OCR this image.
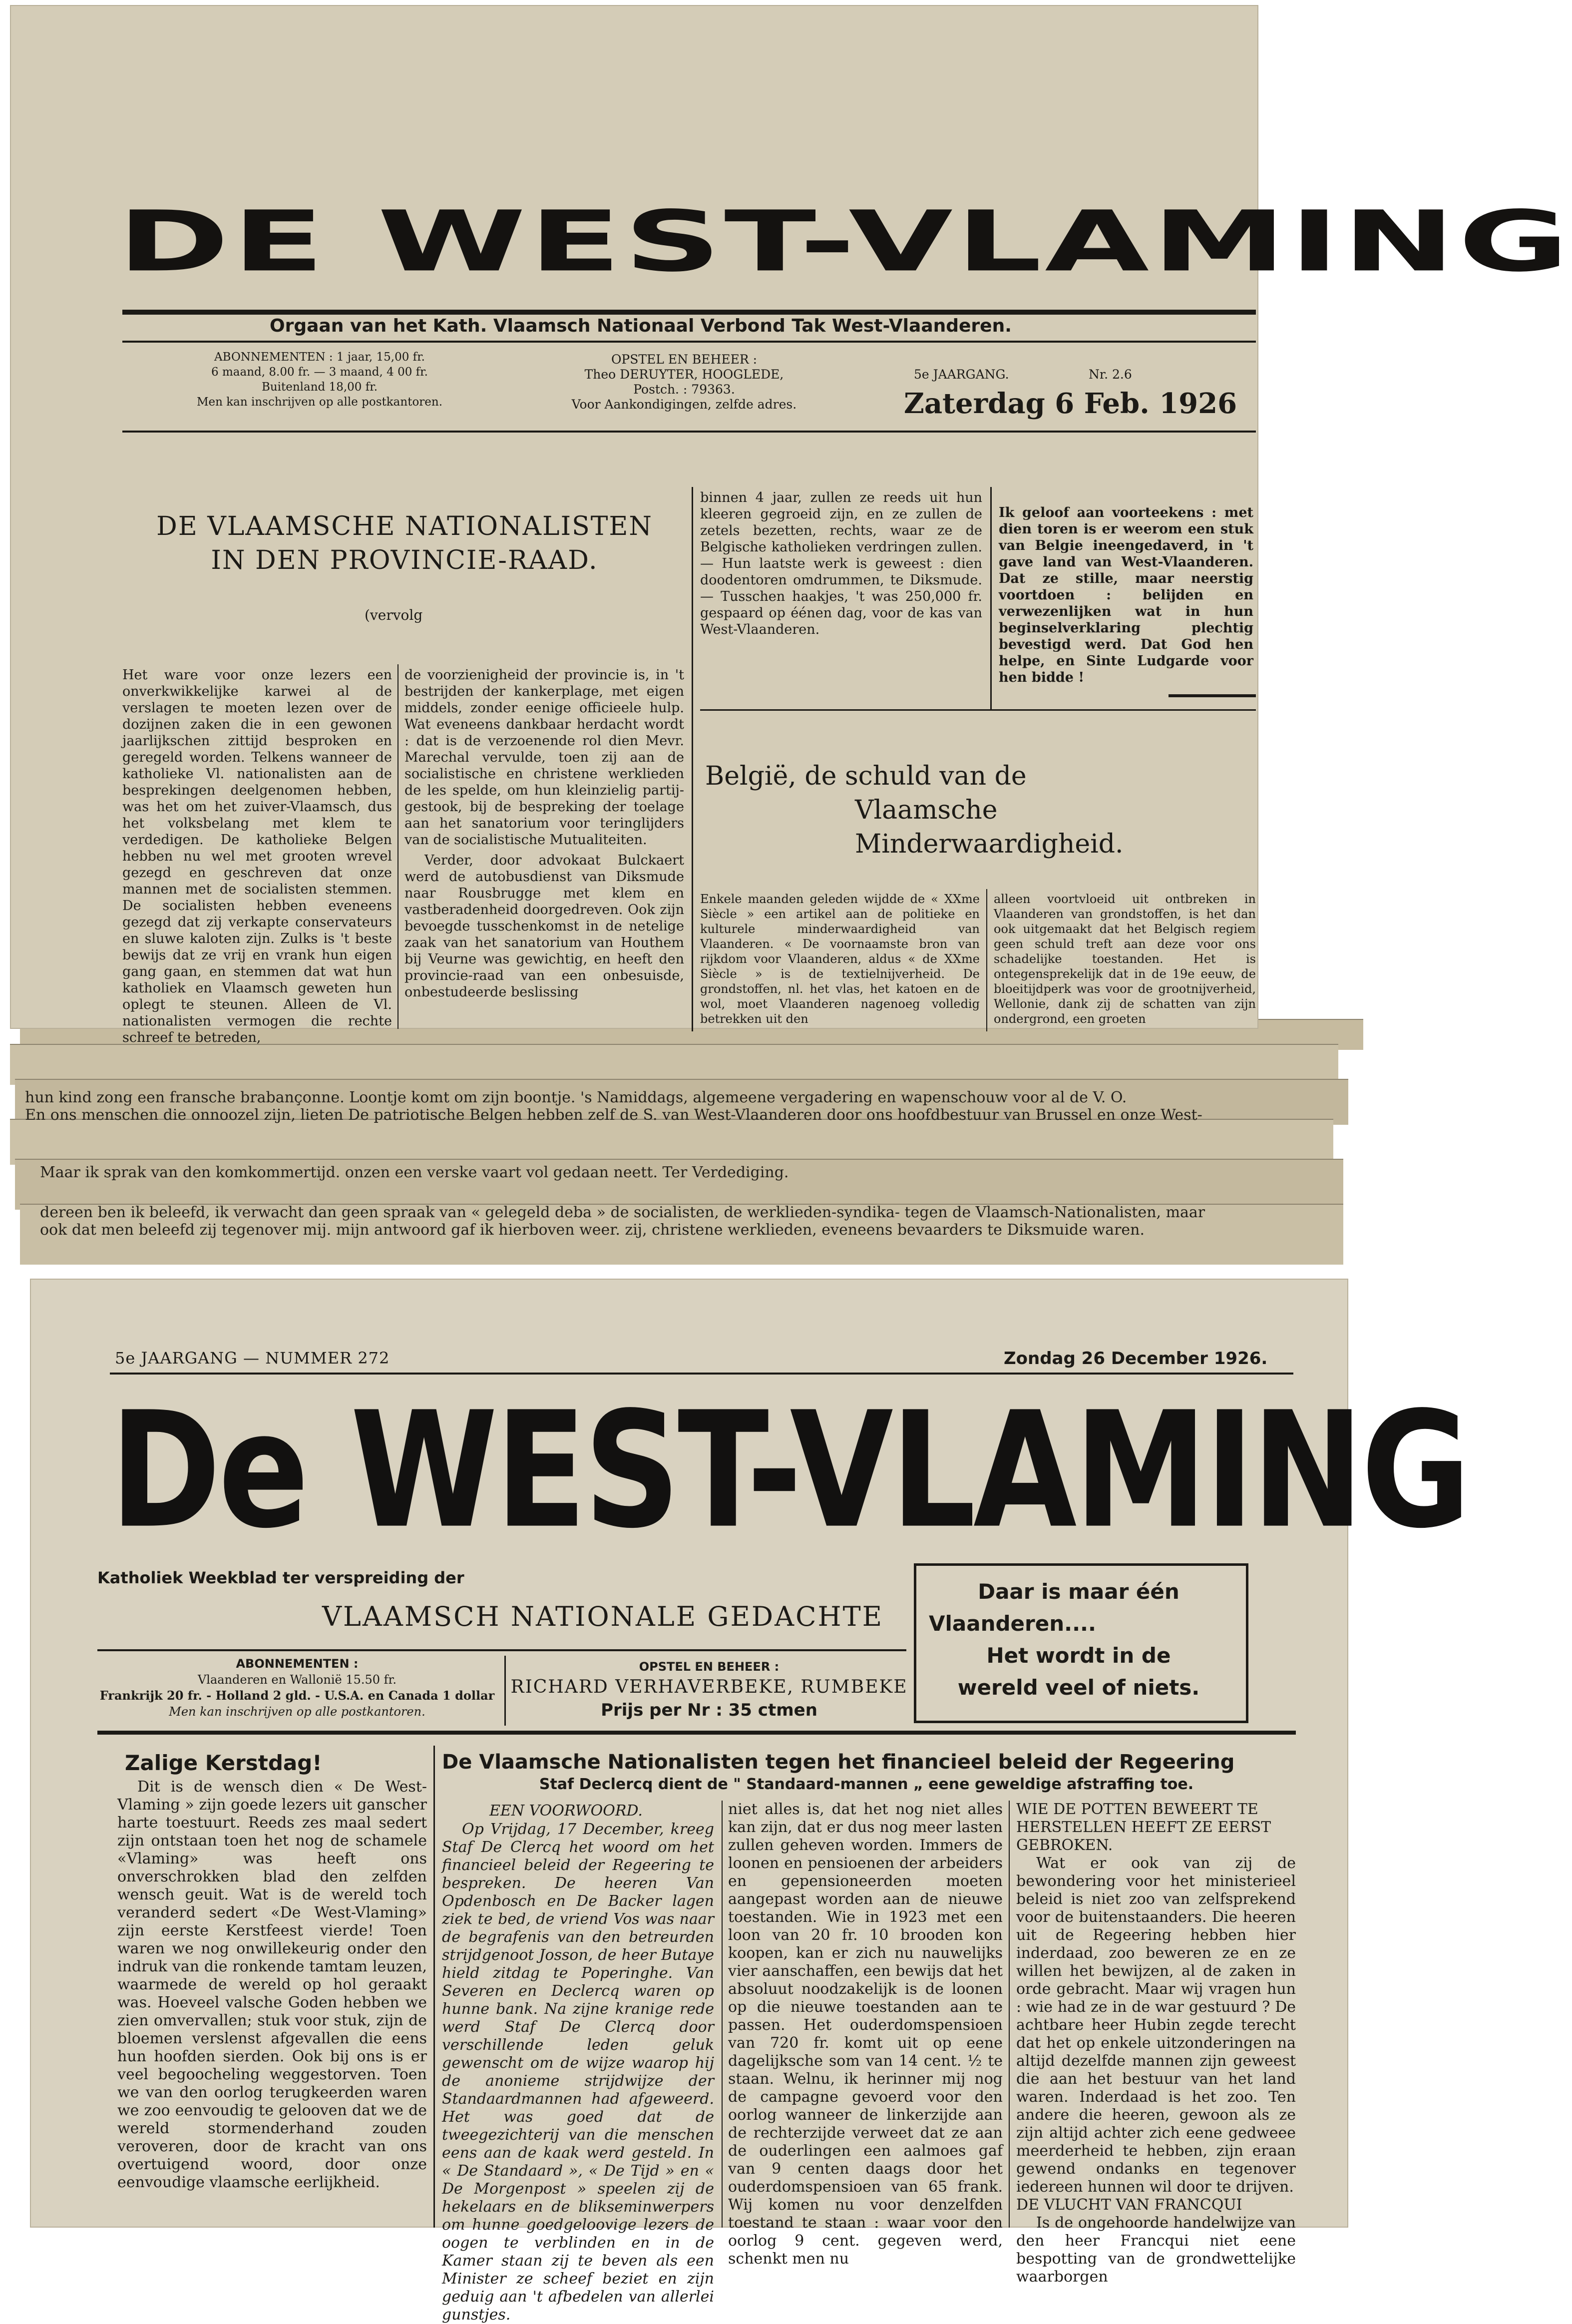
hun kind zong een fransche brabançonne. Loontje komt om zijn boontje. 's Namiddags, algemeene vergadering en wapenschouw voor al de V. O.
En ons menschen die onnoozel zijn, lieten De patriotische Belgen hebben zelf de S. van West-Vlaanderen door ons hoofdbestuur van Brussel en onze West-
Maar ik sprak van den komkommertijd. onzen een verske vaart vol gedaan neett. Ter Verdediging.
dereen ben ik beleefd, ik verwacht dan geen spraak van « gelegeld deba » de socialisten, de werklieden-syndika- tegen de Vlaamsch-Nationalisten, maar
ook dat men beleefd zij tegenover mij. mijn antwoord gaf ik hierboven weer. zij, christene werklieden, eveneens bevaarders te Diksmuide waren.
DE WEST-VLAMING
Orgaan van het Kath. Vlaamsch Nationaal Verbond Tak West-Vlaanderen.
ABONNEMENTEN : 1 jaar, 15,00 fr.
6 maand, 8.00 fr. — 3 maand, 4 00 fr.
Buitenland 18,00 fr.
Men kan inschrijven op alle postkantoren.
OPSTEL EN BEHEER :
Theo DERUYTER, HOOGLEDE,
Postch. : 79363.
Voor Aankondigingen, zelfde adres.
5e JAARGANG.	Nr. 2.6
Zaterdag 6 Feb. 1926
DE VLAAMSCHE NATIONALISTEN
IN DEN PROVINCIE-RAAD.
(vervolg
Het ware voor onze lezers een onverkwikkelijke karwei al de verslagen te moeten lezen over de dozijnen zaken die in een gewonen jaarlijkschen zittijd besproken en geregeld worden. Telkens wanneer de katholieke Vl. nationalisten aan de besprekingen deelgenomen hebben, was het om het zuiver-Vlaamsch, dus het volksbelang met klem te verdedigen. De katholieke Belgen hebben nu wel met grooten wrevel gezegd en geschreven dat onze mannen met de socialisten stemmen. De socialisten hebben eveneens gezegd dat zij verkapte conservateurs en sluwe kaloten zijn. Zulks is 't beste bewijs dat ze vrij en vrank hun eigen gang gaan, en stemmen dat wat hun katholiek en Vlaamsch geweten hun oplegt te steunen. Alleen de Vl. nationalisten vermogen die rechte schreef te betreden,
de voorzienigheid der provincie is, in 't bestrijden der kankerplage, met eigen middels, zonder eenige officieele hulp. Wat eveneens dankbaar herdacht wordt : dat is de verzoenende rol dien Mevr. Marechal vervulde, toen zij aan de socialistische en christene werklieden de les spelde, om hun kleinzielig partij-gestook, bij de bespreking der toelage aan het sanatorium voor teringlijders van de socialistische Mutualiteiten.
Verder, door advokaat Bulckaert werd de autobusdienst van Diksmude naar Rousbrugge met klem en vastberadenheid doorgedreven. Ook zijn bevoegde tusschenkomst in de netelige zaak van het sanatorium van Houthem bij Veurne was gewichtig, en heeft den provincie-raad van een onbesuisde, onbestudeerde beslissing
binnen 4 jaar, zullen ze reeds uit hun kleeren gegroeid zijn, en ze zullen de zetels bezetten, rechts, waar ze de Belgische katholieken verdringen zullen. — Hun laatste werk is geweest : dien doodentoren omdrummen, te Diksmude. — Tusschen haakjes, 't was 250,000 fr. gespaard op éénen dag, voor de kas van West-Vlaanderen.
Ik geloof aan voorteekens : met dien toren is er weerom een stuk van Belgie ineengedaverd, in 't gave land van West-Vlaanderen. Dat ze stille, maar neerstig voortdoen : belijden en verwezenlijken wat in hun beginselverklaring plechtig bevestigd werd. Dat God hen helpe, en Sinte Ludgarde voor hen bidde !
België, de schuld van de
Vlaamsche Minderwaardigheid.
Enkele maanden geleden wijdde de « XXme Siècle » een artikel aan de politieke en kulturele minderwaardigheid van Vlaanderen. « De voornaamste bron van rijkdom voor Vlaanderen, aldus « de XXme Siècle » is de textielnijverheid. De grondstoffen, nl. het vlas, het katoen en de wol, moet Vlaanderen nagenoeg volledig betrekken uit den
alleen voortvloeid uit ontbreken in Vlaanderen van grondstoffen, is het dan ook uitgemaakt dat het Belgisch regiem geen schuld treft aan deze voor ons schadelijke toestanden. Het is ontegensprekelijk dat in de 19e eeuw, de bloeitijdperk was voor de grootnijverheid, Wellonie, dank zij de schatten van zijn ondergrond, een groeten
5e JAARGANG — NUMMER 272	Zondag 26 December 1926.
De WEST-VLAMING
Katholiek Weekblad ter verspreiding der
VLAAMSCH NATIONALE GEDACHTE
Daar is maar één
Vlaanderen....
Het wordt in de
wereld veel of niets.
ABONNEMENTEN :
Vlaanderen en Wallonië 15.50 fr.
Frankrijk 20 fr. - Holland 2 gld. - U.S.A. en Canada 1 dollar
Men kan inschrijven op alle postkantoren.
OPSTEL EN BEHEER :
RICHARD VERHAVERBEKE, RUMBEKE
Prijs per Nr : 35 ctmen
Zalige Kerstdag!
Dit is de wensch dien « De West-Vlaming » zijn goede lezers uit ganscher harte toestuurt. Reeds zes maal sedert zijn ontstaan toen het nog de schamele «Vlaming» was heeft ons onverschrokken blad den zelfden wensch geuit. Wat is de wereld toch veranderd sedert «De West-Vlaming» zijn eerste Kerstfeest vierde! Toen waren we nog onwillekeurig onder den indruk van die ronkende tamtam leuzen, waarmede de wereld op hol geraakt was. Hoeveel valsche Goden hebben we zien omvervallen; stuk voor stuk, zijn de bloemen verslenst afgevallen die eens hun hoofden sierden. Ook bij ons is er veel begoocheling weggestorven. Toen we van den oorlog terugkeerden waren we zoo eenvoudig te gelooven dat we de wereld stormenderhand zouden veroveren, door de kracht van ons overtuigend woord, door onze eenvoudige vlaamsche eerlijkheid.
De Vlaamsche Nationalisten tegen het financieel beleid der Regeering
Staf Declercq dient de " Standaard-mannen „ eene geweldige afstraffing toe.
EEN VOORWOORD.
Op Vrijdag, 17 December, kreeg Staf De Clercq het woord om het financieel beleid der Regeering te bespreken. De heeren Van Opdenbosch en De Backer lagen ziek te bed, de vriend Vos was naar de begrafenis van den betreurden strijdgenoot Josson, de heer Butaye hield zitdag te Poperinghe. Van Severen en Declercq waren op hunne bank. Na zijne kranige rede werd Staf De Clercq door verschillende leden geluk gewenscht om de wijze waarop hij de anonieme strijdwijze der Standaardmannen had afgeweerd. Het was goed dat de tweegezichterij van die menschen eens aan de kaak werd gesteld. In « De Standaard », « De Tijd » en « De Morgenpost » speelen zij de hekelaars en de blikseminwerpers om hunne goedgeloovige lezers de oogen te verblinden en in de Kamer staan zij te beven als een Minister ze scheef beziet en zijn geduig aan 't afbedelen van allerlei gunstjes.
niet alles is, dat het nog niet alles kan zijn, dat er dus nog meer lasten zullen geheven worden. Immers de loonen en pensioenen der arbeiders en gepensioneerden moeten aangepast worden aan de nieuwe toestanden. Wie in 1923 met een loon van 20 fr. 10 brooden kon koopen, kan er zich nu nauwelijks vier aanschaffen, een bewijs dat het absoluut noodzakelijk is de loonen op die nieuwe toestanden aan te passen. Het ouderdomspensioen van 720 fr. komt uit op eene dagelijksche som van 14 cent. ½ te staan. Welnu, ik herinner mij nog de campagne gevoerd voor den oorlog wanneer de linkerzijde aan de rechterzijde verweet dat ze aan de ouderlingen een aalmoes gaf van 9 centen daags door het ouderdomspensioen van 65 frank. Wij komen nu voor denzelfden toestand te staan : waar voor den oorlog 9 cent. gegeven werd, schenkt men nu
WIE DE POTTEN BEWEERT TE HERSTELLEN HEEFT ZE EERST GEBROKEN.
Wat er ook van zij de bewondering voor het ministerieel beleid is niet zoo van zelfsprekend voor de buitenstaanders. Die heeren uit de Regeering hebben hier inderdaad, zoo beweren ze en ze willen het bewijzen, al de zaken in orde gebracht. Maar wij vragen hun : wie had ze in de war gestuurd ? De achtbare heer Hubin zegde terecht dat het op enkele uitzonderingen na altijd dezelfde mannen zijn geweest die aan het bestuur van het land waren. Inderdaad is het zoo. Ten andere die heeren, gewoon als ze zijn altijd achter zich eene gedweee meerderheid te hebben, zijn eraan gewend ondanks en tegenover iedereen hunnen wil door te drijven.
DE VLUCHT VAN FRANCQUI
Is de ongehoorde handelwijze van den heer Francqui niet eene bespotting van de grondwettelijke waarborgen
